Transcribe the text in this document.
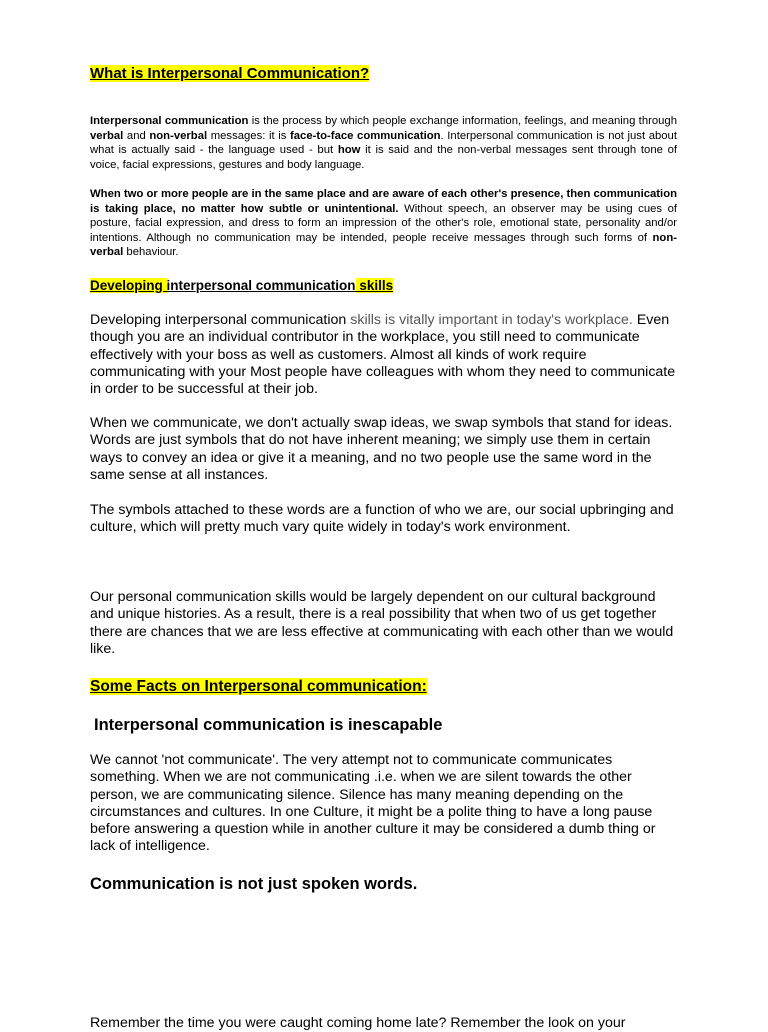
What is Interpersonal Communication?

Interpersonal communication is the process by which people exchange information, feelings, and meaning through verbal and non-verbal messages: it is face-to-face communication. Interpersonal communication is not just about what is actually said - the language used - but how it is said and the non-verbal messages sent through tone of voice, facial expressions, gestures and body language.

When two or more people are in the same place and are aware of each other's presence, then communication is taking place, no matter how subtle or unintentional. Without speech, an observer may be using cues of posture, facial expression, and dress to form an impression of the other's role, emotional state, personality and/or intentions. Although no communication may be intended, people receive messages through such forms of non-verbal behaviour.

Developing interpersonal communication skills

Developing interpersonal communication skills is vitally important in today's workplace. Even though you are an individual contributor in the workplace, you still need to communicate effectively with your boss as well as customers. Almost all kinds of work require communicating with your Most people have colleagues with whom they need to communicate in order to be successful at their job.

When we communicate, we don't actually swap ideas, we swap symbols that stand for ideas. Words are just symbols that do not have inherent meaning; we simply use them in certain ways to convey an idea or give it a meaning, and no two people use the same word in the same sense at all instances.

The symbols attached to these words are a function of who we are, our social upbringing and culture, which will pretty much vary quite widely in today's work environment.

Our personal communication skills would be largely dependent on our cultural background and unique histories. As a result, there is a real possibility that when two of us get together there are chances that we are less effective at communicating with each other than we would like.

Some Facts on Interpersonal communication:

Interpersonal communication is inescapable

We cannot 'not communicate'. The very attempt not to communicate communicates something. When we are not communicating .i.e. when we are silent towards the other person, we are communicating silence. Silence has many meaning depending on the circumstances and cultures. In one Culture, it might be a polite thing to have a long pause before answering a question while in another culture it may be considered a dumb thing or lack of intelligence.

Communication is not just spoken words.

Remember the time you were caught coming home late? Remember the look on your
